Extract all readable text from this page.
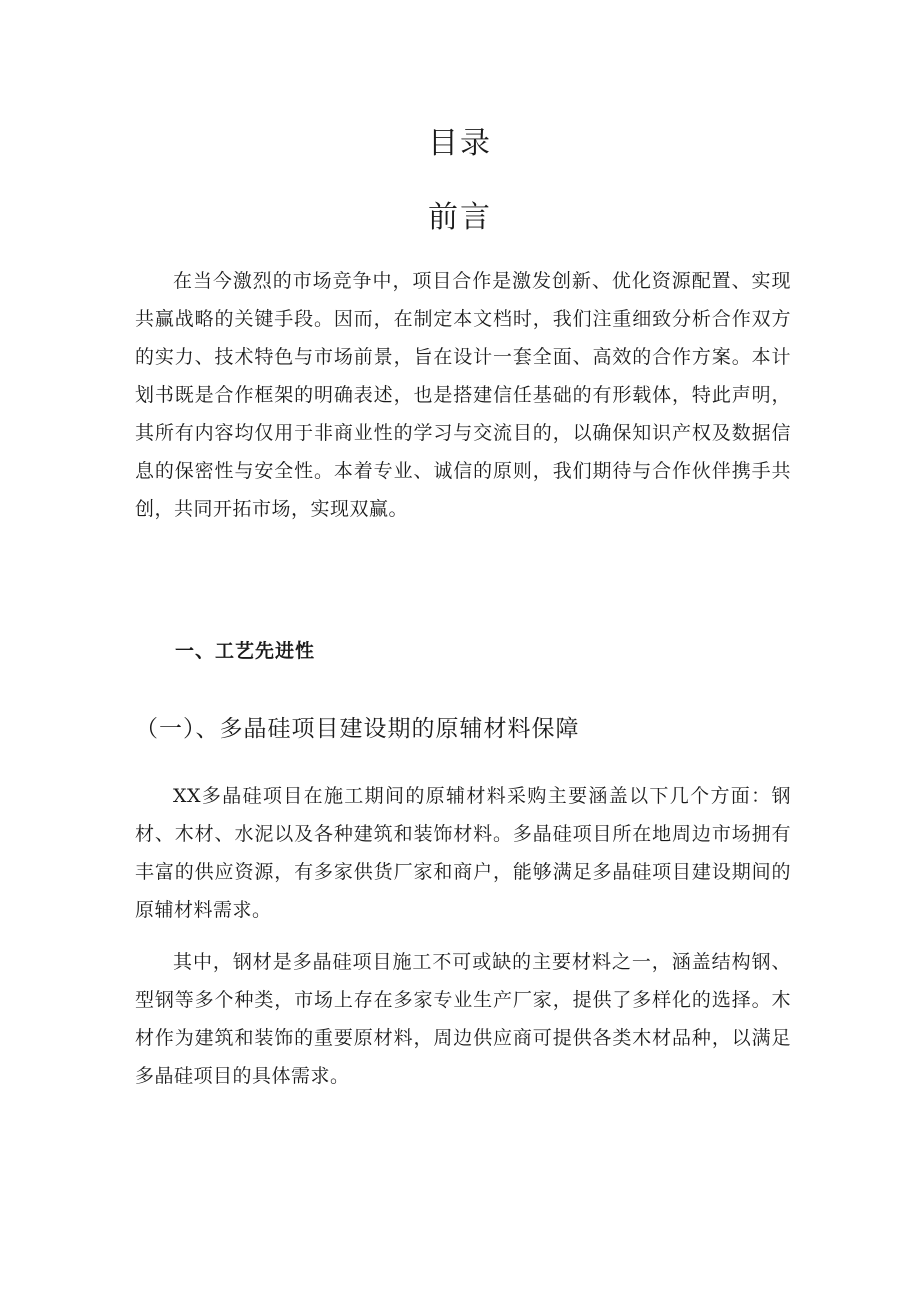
目录
前言

在当今激烈的市场竞争中，项目合作是激发创新、优化资源配置、实现共赢战略的关键手段。因而，在制定本文档时，我们注重细致分析合作双方的实力、技术特色与市场前景，旨在设计一套全面、高效的合作方案。本计划书既是合作框架的明确表述，也是搭建信任基础的有形载体，特此声明，其所有内容均仅用于非商业性的学习与交流目的，以确保知识产权及数据信息的保密性与安全性。本着专业、诚信的原则，我们期待与合作伙伴携手共创，共同开拓市场，实现双赢。

一、工艺先进性
（一）、多晶硅项目建设期的原辅材料保障

XX多晶硅项目在施工期间的原辅材料采购主要涵盖以下几个方面：钢材、木材、水泥以及各种建筑和装饰材料。多晶硅项目所在地周边市场拥有丰富的供应资源，有多家供货厂家和商户，能够满足多晶硅项目建设期间的原辅材料需求。

其中，钢材是多晶硅项目施工不可或缺的主要材料之一，涵盖结构钢、型钢等多个种类，市场上存在多家专业生产厂家，提供了多样化的选择。木材作为建筑和装饰的重要原材料，周边供应商可提供各类木材品种，以满足多晶硅项目的具体需求。
